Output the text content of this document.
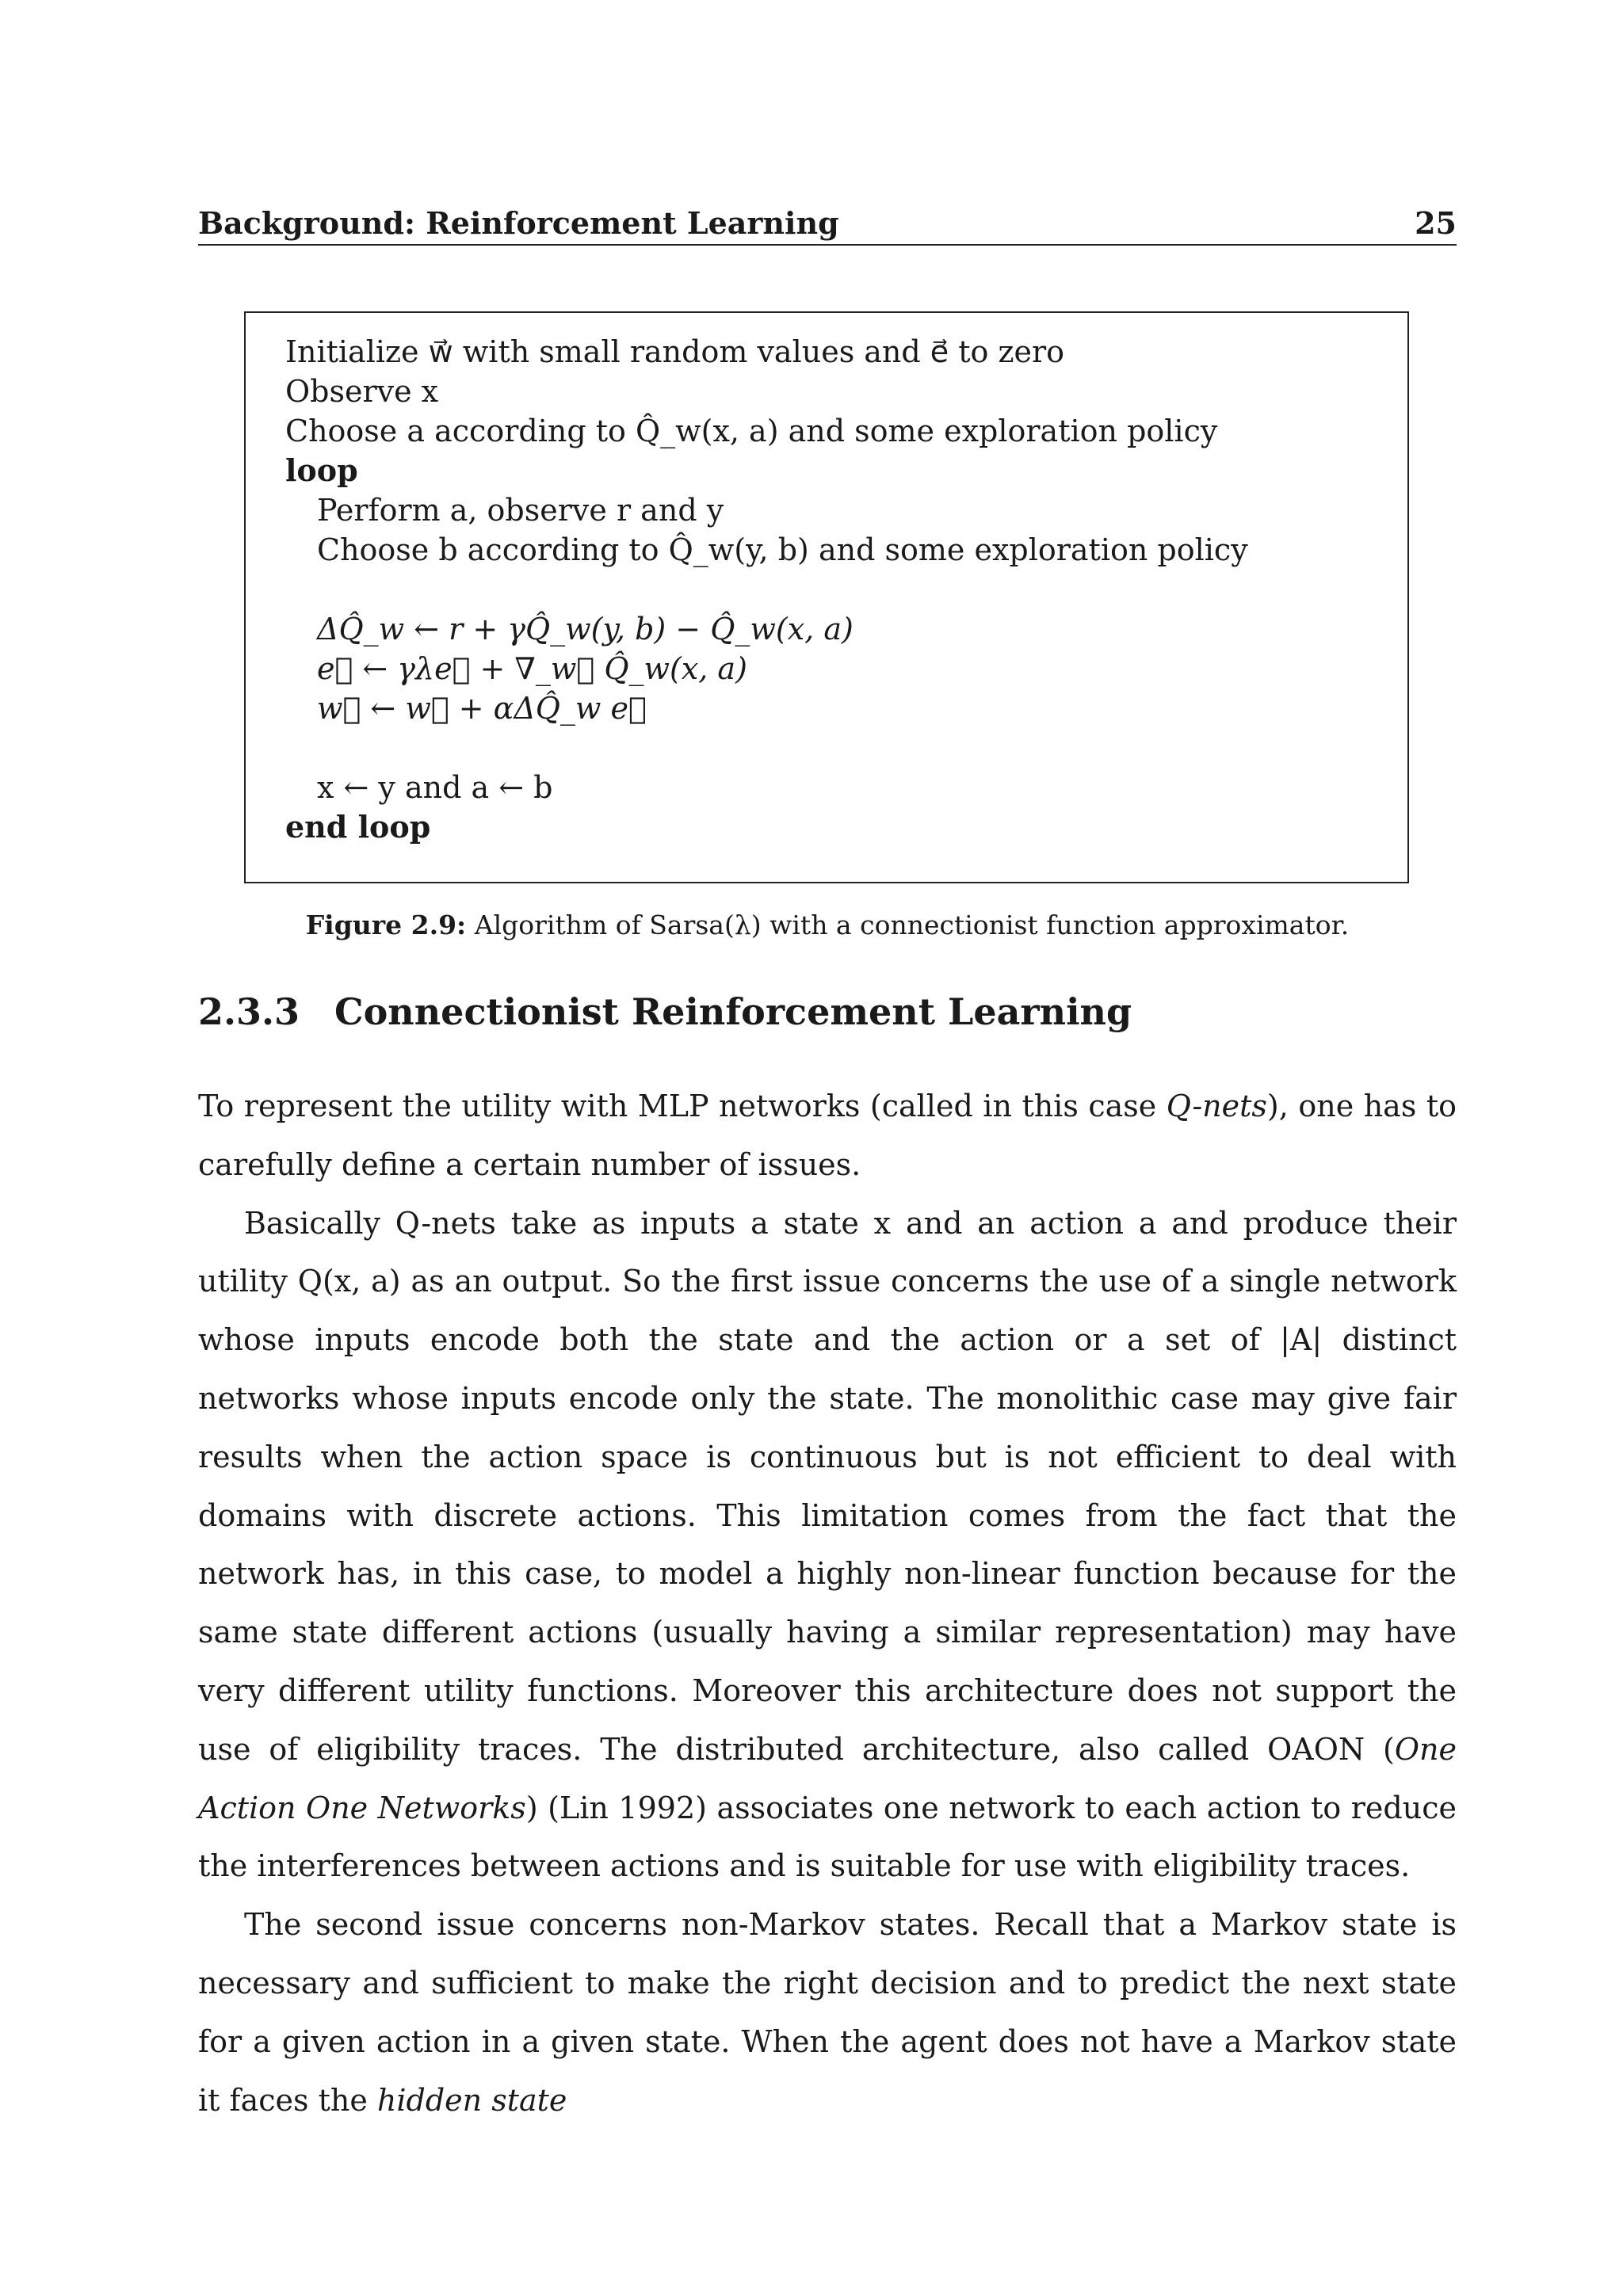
Background: Reinforcement Learning	25
Initialize w⃗ with small random values and e⃗ to zero
Observe x
Choose a according to Q̂_w(x, a) and some exploration policy
loop
Perform a, observe r and y
Choose b according to Q̂_w(y, b) and some exploration policy
ΔQ̂_w ← r + γQ̂_w(y, b) − Q̂_w(x, a)
e⃗ ← γλe⃗ + ∇_w⃗ Q̂_w(x, a)
w⃗ ← w⃗ + αΔQ̂_w e⃗
x ← y and a ← b
end loop
Figure 2.9: Algorithm of Sarsa(λ) with a connectionist function approximator.
2.3.3 Connectionist Reinforcement Learning

To represent the utility with MLP networks (called in this case Q-nets), one has to carefully define a certain number of issues.

Basically Q-nets take as inputs a state x and an action a and produce their utility Q(x, a) as an output. So the first issue concerns the use of a single network whose inputs encode both the state and the action or a set of |A| distinct networks whose inputs encode only the state. The monolithic case may give fair results when the action space is continuous but is not efficient to deal with domains with discrete actions. This limitation comes from the fact that the network has, in this case, to model a highly non-linear function because for the same state different actions (usually having a similar representation) may have very different utility functions. Moreover this architecture does not support the use of eligibility traces. The distributed architecture, also called OAON (One Action One Networks) (Lin 1992) associates one network to each action to reduce the interferences between actions and is suitable for use with eligibility traces.

The second issue concerns non-Markov states. Recall that a Markov state is necessary and sufficient to make the right decision and to predict the next state for a given action in a given state. When the agent does not have a Markov state it faces the hidden state
